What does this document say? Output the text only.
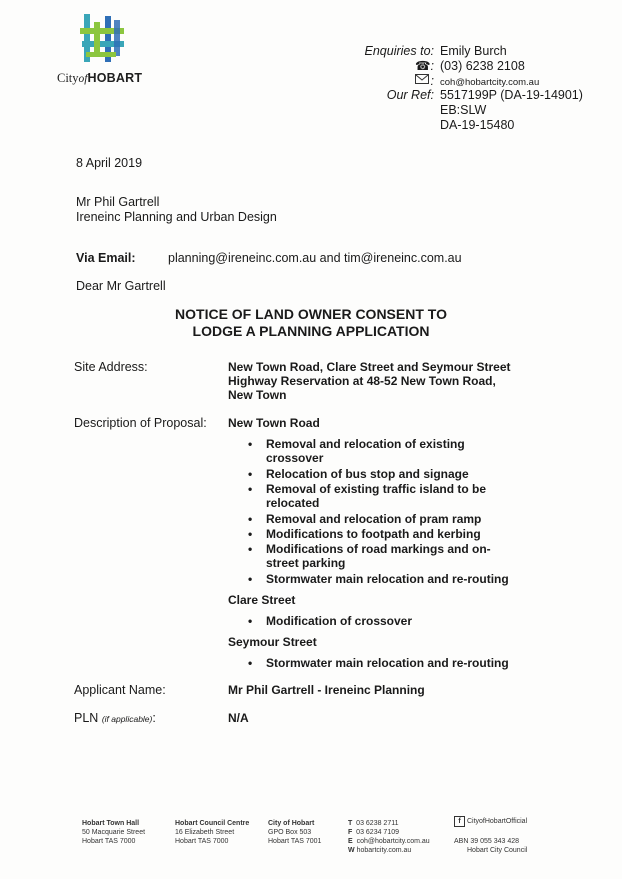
CityofHOBART
Enquiries to: Emily Burch
☎: (03) 6238 2108
: coh@hobartcity.com.au
Our Ref: 5517199P (DA-19-14901)
EB:SLW
DA-19-15480
8 April 2019
Mr Phil Gartrell
Ireneinc Planning and Urban Design
Via Email:	planning@ireneinc.com.au and tim@ireneinc.com.au
Dear Mr Gartrell
NOTICE OF LAND OWNER CONSENT TO
LODGE A PLANNING APPLICATION
Site Address:	New Town Road, Clare Street and Seymour Street
Highway Reservation at 48-52 New Town Road,
New Town
Description of Proposal: New Town Road
• Removal and relocation of existing
crossover
• Relocation of bus stop and signage
• Removal of existing traffic island to be
relocated
• Removal and relocation of pram ramp
• Modifications to footpath and kerbing
• Modifications of road markings and on-
street parking
• Stormwater main relocation and re-routing
Clare Street
• Modification of crossover
Seymour Street
• Stormwater main relocation and re-routing
Applicant Name:	Mr Phil Gartrell - Ireneinc Planning
PLN (if applicable):	N/A
Hobart Town Hall
50 Macquarie Street
Hobart TAS 7000
Hobart Council Centre
16 Elizabeth Street
Hobart TAS 7000
City of Hobart
GPO Box 503
Hobart TAS 7001
T 03 6238 2711
F 03 6234 7109
E coh@hobartcity.com.au
W hobartcity.com.au
f CityofHobartOfficial
ABN 39 055 343 428
Hobart City Council
